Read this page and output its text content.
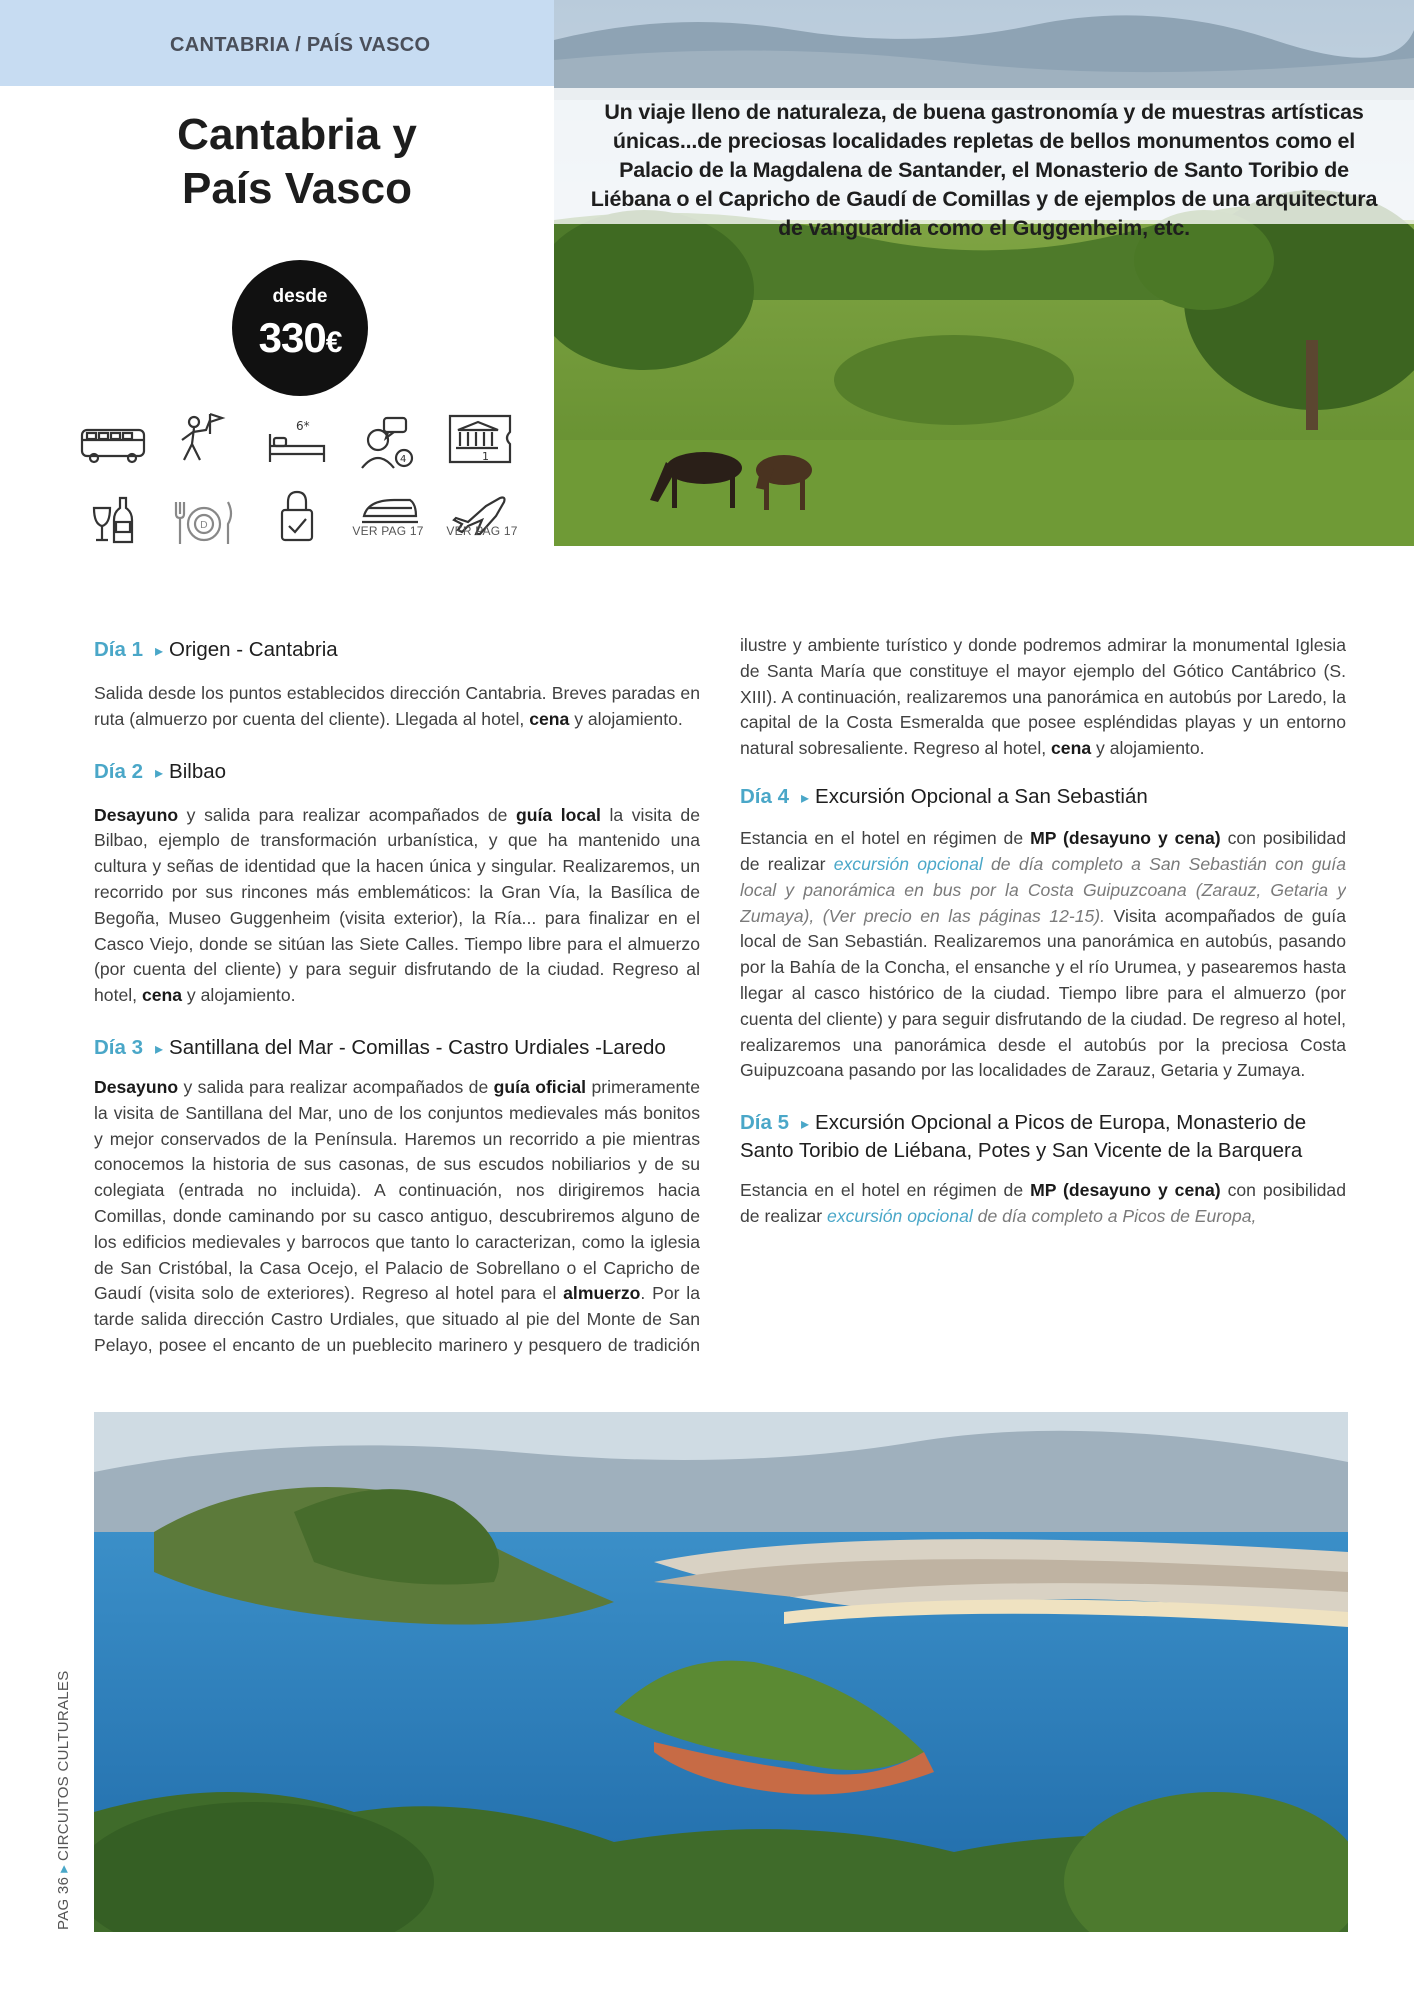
CANTABRIA / PAÍS VASCO
Un viaje lleno de naturaleza, de buena gastronomía y de muestras artísticas únicas...de preciosas localidades repletas de bellos monumentos como el Palacio de la Magdalena de Santander, el Monasterio de Santo Toribio de Liébana o el Capricho de Gaudí de Comillas y de ejemplos de una arquitectura de vanguardia como el Guggenheim, etc.
Cantabria y
País Vasco
desde
330€
6*
4	1
D	VER PAG 17	VER PAG 17

Día 1 ▸ Origen - Cantabria

Salida desde los puntos establecidos dirección Cantabria. Breves paradas en ruta (almuerzo por cuenta del cliente). Llegada al hotel, cena y alojamiento.

Día 2 ▸ Bilbao

Desayuno y salida para realizar acompañados de guía local la visita de Bilbao, ejemplo de transformación urbanística, y que ha mantenido una cultura y señas de identidad que la hacen única y singular. Realizaremos, un recorrido por sus rincones más emblemáticos: la Gran Vía, la Basílica de Begoña, Museo Guggenheim (visita exterior), la Ría... para finalizar en el Casco Viejo, donde se sitúan las Siete Calles. Tiempo libre para el almuerzo (por cuenta del cliente) y para seguir disfrutando de la ciudad. Regreso al hotel, cena y alojamiento.

Día 3 ▸ Santillana del Mar - Comillas - Castro Urdiales -Laredo

Desayuno y salida para realizar acompañados de guía oficial primeramente la visita de Santillana del Mar, uno de los conjuntos medievales más bonitos y mejor conservados de la Península. Haremos un recorrido a pie mientras conocemos la historia de sus casonas, de sus escudos nobiliarios y de su colegiata (entrada no incluida). A continuación, nos dirigiremos hacia Comillas, donde caminando por su casco antiguo, descubriremos alguno de los edificios medievales y barrocos que tanto lo caracterizan, como la iglesia de San Cristóbal, la Casa Ocejo, el Palacio de Sobrellano o el Capricho de Gaudí (visita solo de exteriores). Regreso al hotel para el almuerzo. Por la tarde salida dirección Castro Urdiales, que situado al pie del Monte de San Pelayo, posee el encanto de un pueblecito marinero y pesquero de tradición

ilustre y ambiente turístico y donde podremos admirar la monumental Iglesia de Santa María que constituye el mayor ejemplo del Gótico Cantábrico (S. XIII). A continuación, realizaremos una panorámica en autobús por Laredo, la capital de la Costa Esmeralda que posee espléndidas playas y un entorno natural sobresaliente. Regreso al hotel, cena y alojamiento.

Día 4 ▸ Excursión Opcional a San Sebastián

Estancia en el hotel en régimen de MP (desayuno y cena) con posibilidad de realizar excursión opcional de día completo a San Sebastián con guía local y panorámica en bus por la Costa Guipuzcoana (Zarauz, Getaria y Zumaya), (Ver precio en las páginas 12-15). Visita acompañados de guía local de San Sebastián. Realizaremos una panorámica en autobús, pasando por la Bahía de la Concha, el ensanche y el río Urumea, y pasearemos hasta llegar al casco histórico de la ciudad. Tiempo libre para el almuerzo (por cuenta del cliente) y para seguir disfrutando de la ciudad. De regreso al hotel, realizaremos una panorámica desde el autobús por la preciosa Costa Guipuzcoana pasando por las localidades de Zarauz, Getaria y Zumaya.

Día 5 ▸ Excursión Opcional a Picos de Europa, Monasterio de Santo Toribio de Liébana, Potes y San Vicente de la Barquera

Estancia en el hotel en régimen de MP (desayuno y cena) con posibilidad de realizar excursión opcional de día completo a Picos de Europa,

PAG 36▸CIRCUITOS CULTURALES
